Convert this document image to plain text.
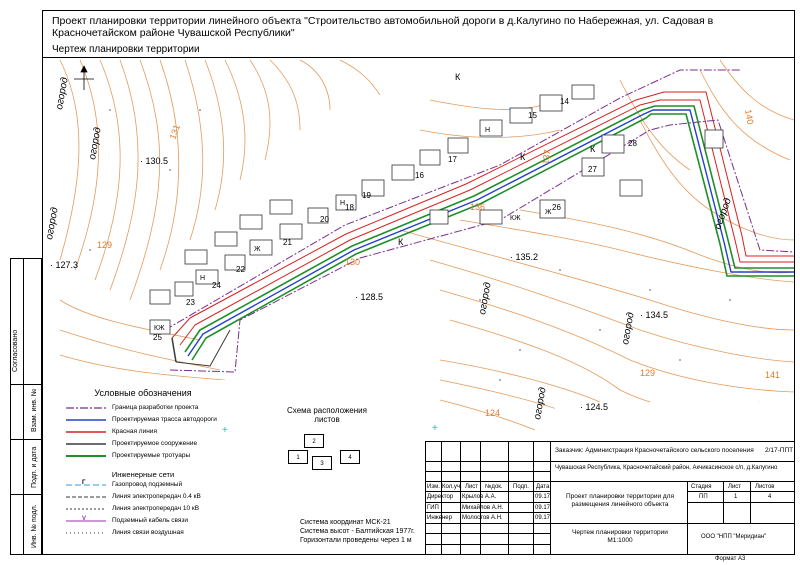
131
129
130
136
137
140
129
124
141
· 130.5
· 127.3
· 128.5
· 135.2
· 134.5
· 124.5
огород
огород
огород
огород
огород
огород
огород
14
15
16
17
18
19
20
21
22
23
24
25
26
27
28
Н
Н
Н
Ж
Ж
КЖ
КЖ
К
К
К
К
Проект планировки территории линейного объекта "Строительство автомобильной дороги в д.Калугино по Набережная, ул. Садовая в Красночетайском районе Чувашской Республики"
Чертеж планировки территории
Согласовано
Взам. инв. №
Подп. и дата
Инв. № подл.
+	+
Условные обозначения
Граница разработки проекта
Проектируемая трасса автодороги
Красная линия
Проектируемое сооружение
Проектируемые тротуары
Инженерные сети
Г	Газопровод подземный
Линия электропередач 0.4 кВ
Линия электропередач 10 кВ
V	Подземный кабель связи
Линия связи воздушная
Схема расположения листов
2
1
3
4
Система координат МСК-21
Система высот - Балтийская 1977г.
Горизонтали проведены через 1 м
Заказчик: Администрация Красночетайского сельского поселения 2/17-ППТ
Чувашская Республика, Красночетайский район, Акчикасинское с/п, д.Калугино
Изм. Кол.уч. Лист №док. Подп. Дата
Директор Крылов А.А.	09.17
ГИП	Михайлов А.Н.	09.17
Инженер Молостов А.Н.	09.17
Проект планировки территории для размещения линейного объекта
Стадия	Лист Листов
ПП	1	4
Чертеж планировки территории М1:1000	ООО "НПП "Меридиан"
Формат А3
